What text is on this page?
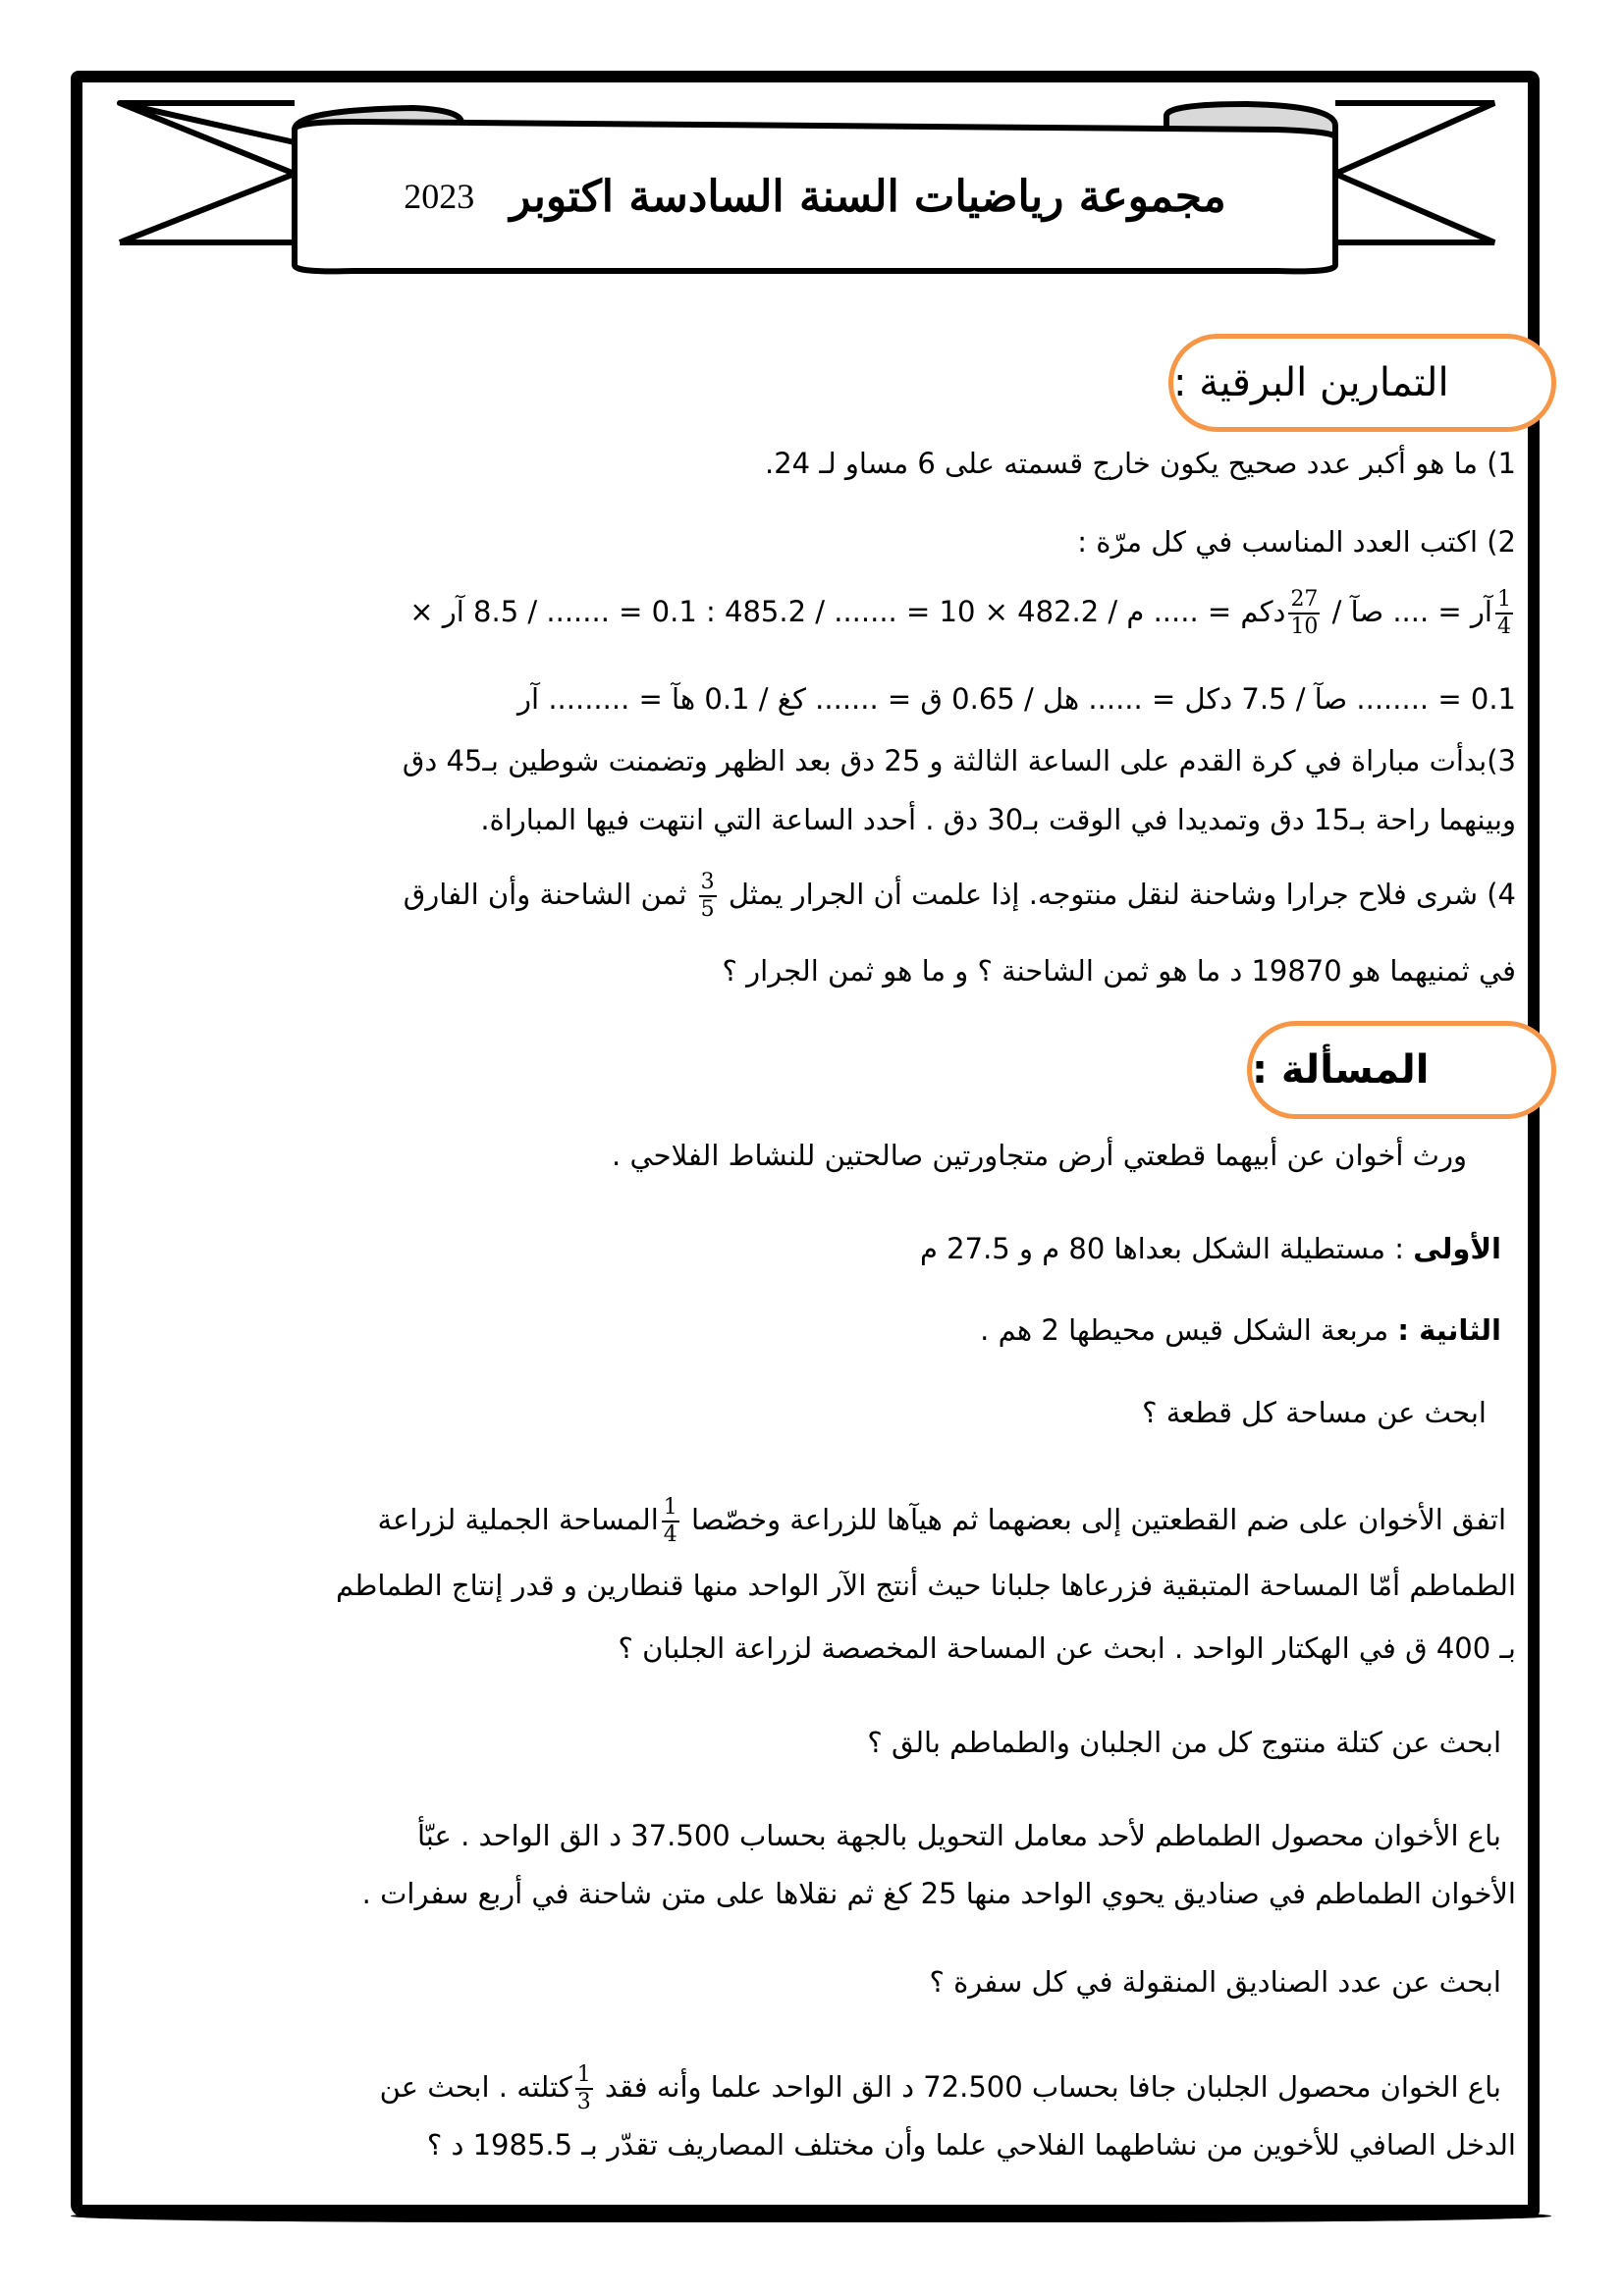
مجموعة رياضيات السنة السادسة اكتوبر
2023
التمارين البرقية :
1) ما هو أكبر عدد صحيح يكون خارج قسمته على 6 مساو لـ 24.
2) اكتب العدد المناسب في كل مرّة :
$\frac{1}{4}$
آر = .... صآ /
$\frac{27}{10}$
دكم = ..... م / 482.2 × 10 = ....... / 485.2 : 0.1 = ....... / 8.5 آر ×
0.1 = ........ صآ / 7.5 دكل = ...... هل / 0.65 ق = ....... كغ / 0.1 هآ = ......... آر
3)بدأت مباراة في كرة القدم على الساعة الثالثة و 25 دق بعد الظهر وتضمنت شوطين بـ45 دق
وبينهما راحة بـ15 دق وتمديدا في الوقت بـ30 دق . أحدد الساعة التي انتهت فيها المباراة.
4) شرى فلاح جرارا وشاحنة لنقل منتوجه. إذا علمت أن الجرار يمثل
$\frac{3}{5}$
ثمن الشاحنة وأن الفارق
في ثمنيهما هو 19870 د ما هو ثمن الشاحنة ؟ و ما هو ثمن الجرار ؟
المسألة :
ورث أخوان عن أبيهما قطعتي أرض متجاورتين صالحتين للنشاط الفلاحي .
الأولى : مستطيلة الشكل بعداها 80 م و 27.5 م
الثانية : مربعة الشكل قيس محيطها 2 هم .
ابحث عن مساحة كل قطعة ؟
اتفق الأخوان على ضم القطعتين إلى بعضهما ثم هيآها للزراعة وخصّصا
$\frac{1}{4}$
المساحة الجملية لزراعة
الطماطم أمّا المساحة المتبقية فزرعاها جلبانا حيث أنتج الآر الواحد منها قنطارين و قدر إنتاج الطماطم
بـ 400 ق في الهكتار الواحد . ابحث عن المساحة المخصصة لزراعة الجلبان ؟
ابحث عن كتلة منتوج كل من الجلبان والطماطم بالق ؟
باع الأخوان محصول الطماطم لأحد معامل التحويل بالجهة بحساب 37.500 د الق الواحد . عبّأ
الأخوان الطماطم في صناديق يحوي الواحد منها 25 كغ ثم نقلاها على متن شاحنة في أربع سفرات .
ابحث عن عدد الصناديق المنقولة في كل سفرة ؟
باع الخوان محصول الجلبان جافا بحساب 72.500 د الق الواحد علما وأنه فقد
$\frac{1}{3}$
كتلته . ابحث عن
الدخل الصافي للأخوين من نشاطهما الفلاحي علما وأن مختلف المصاريف تقدّر بـ 1985.5 د ؟
